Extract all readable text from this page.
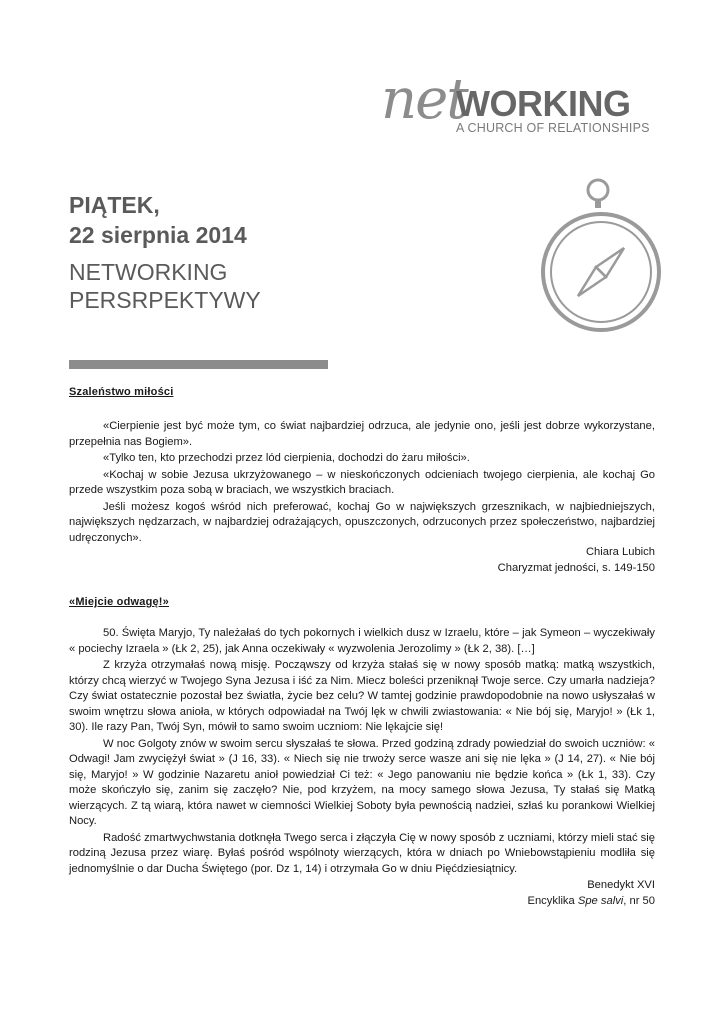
net
WORKING
A CHURCH OF RELATIONSHIPS
PIĄTEK,
22 sierpnia 2014
NETWORKING
PERSRPEKTYWY
Szaleństwo miłości

«Cierpienie jest być może tym, co świat najbardziej odrzuca, ale jedynie ono, jeśli jest dobrze wykorzystane, przepełnia nas Bogiem».

«Tylko ten, kto przechodzi przez lód cierpienia, dochodzi do żaru miłości».

«Kochaj w sobie Jezusa ukrzyżowanego – w nieskończonych odcieniach twojego cierpienia, ale kochaj Go przede wszystkim poza sobą w braciach, we wszystkich braciach.

Jeśli możesz kogoś wśród nich preferować, kochaj Go w największych grzesznikach, w najbiedniejszych, największych nędzarzach, w najbardziej odrażających, opuszczonych, odrzuconych przez społeczeństwo, najbardziej udręczonych».

Chiara Lubich
Charyzmat jedności, s. 149-150
«Miejcie odwagę!»

50. Święta Maryjo, Ty należałaś do tych pokornych i wielkich dusz w Izraelu, które – jak Symeon – wyczekiwały « pociechy Izraela » (Łk 2, 25), jak Anna oczekiwały « wyzwolenia Jerozolimy » (Łk 2, 38). […]

Z krzyża otrzymałaś nową misję. Począwszy od krzyża stałaś się w nowy sposób matką: matką wszystkich, którzy chcą wierzyć w Twojego Syna Jezusa i iść za Nim. Miecz boleści przeniknął Twoje serce. Czy umarła nadzieja? Czy świat ostatecznie pozostał bez światła, życie bez celu? W tamtej godzinie prawdopodobnie na nowo usłyszałaś w swoim wnętrzu słowa anioła, w których odpowiadał na Twój lęk w chwili zwiastowania: « Nie bój się, Maryjo! » (Łk 1, 30). Ile razy Pan, Twój Syn, mówił to samo swoim uczniom: Nie lękajcie się!

W noc Golgoty znów w swoim sercu słyszałaś te słowa. Przed godziną zdrady powiedział do swoich uczniów: « Odwagi! Jam zwyciężył świat » (J 16, 33). « Niech się nie trwoży serce wasze ani się nie lęka » (J 14, 27). « Nie bój się, Maryjo! » W godzinie Nazaretu anioł powiedział Ci też: « Jego panowaniu nie będzie końca » (Łk 1, 33). Czy może skończyło się, zanim się zaczęło? Nie, pod krzyżem, na mocy samego słowa Jezusa, Ty stałaś się Matką wierzących. Z tą wiarą, która nawet w ciemności Wielkiej Soboty była pewnością nadziei, szłaś ku porankowi Wielkiej Nocy.

Radość zmartwychwstania dotknęła Twego serca i złączyła Cię w nowy sposób z uczniami, którzy mieli stać się rodziną Jezusa przez wiarę. Byłaś pośród wspólnoty wierzących, która w dniach po Wniebowstąpieniu modliła się jednomyślnie o dar Ducha Świętego (por. Dz 1, 14) i otrzymała Go w dniu Pięćdziesiątnicy.

Benedykt XVI
Encyklika Spe salvi, nr 50
